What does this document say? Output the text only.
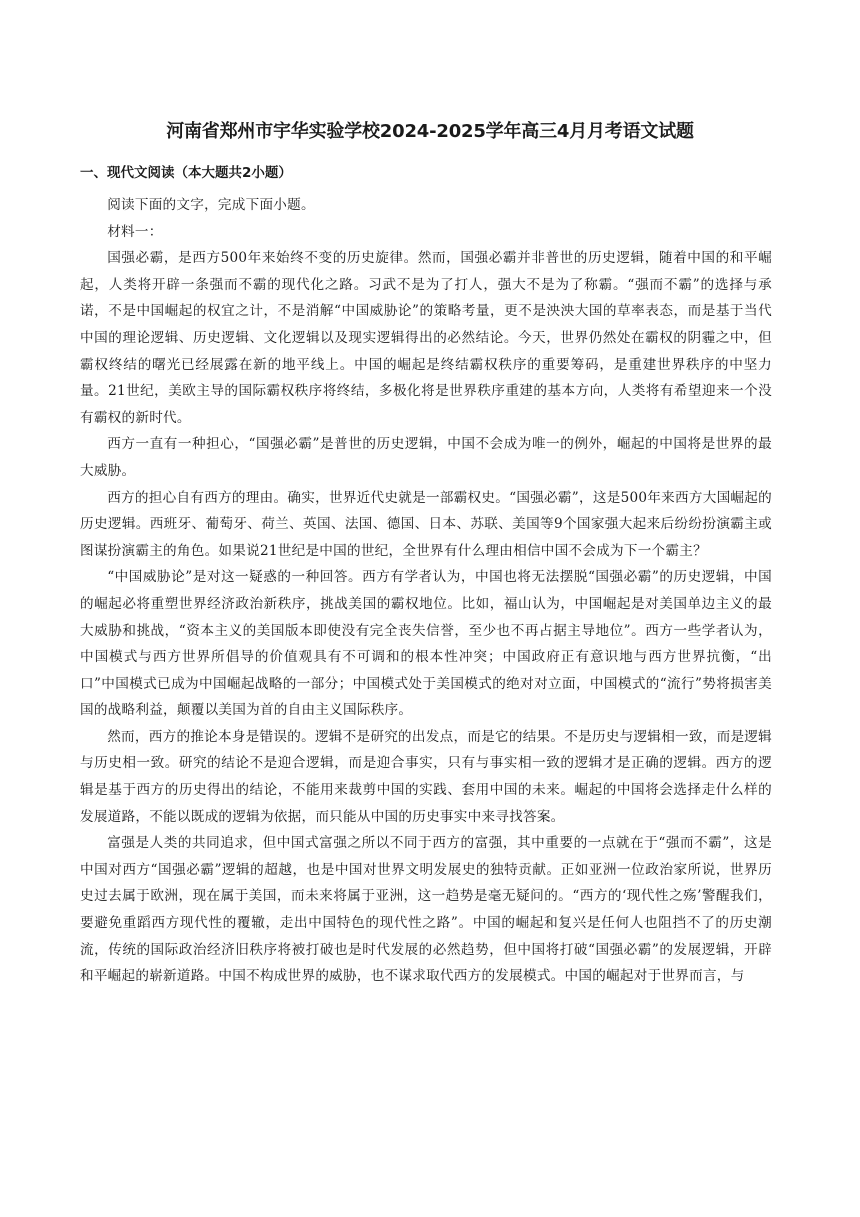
河南省郑州市宇华实验学校2024-2025学年高三4月月考语文试题
一、现代文阅读（本大题共2小题）

阅读下面的文字，完成下面小题。

材料一：

国强必霸，是西方500年来始终不变的历史旋律。然而，国强必霸并非普世的历史逻辑，随着中国的和平崛起，人类将开辟一条强而不霸的现代化之路。习武不是为了打人，强大不是为了称霸。“强而不霸”的选择与承诺，不是中国崛起的权宜之计，不是消解“中国威胁论”的策略考量，更不是泱泱大国的草率表态，而是基于当代中国的理论逻辑、历史逻辑、文化逻辑以及现实逻辑得出的必然结论。今天，世界仍然处在霸权的阴霾之中，但霸权终结的曙光已经展露在新的地平线上。中国的崛起是终结霸权秩序的重要筹码，是重建世界秩序的中坚力量。21世纪，美欧主导的国际霸权秩序将终结，多极化将是世界秩序重建的基本方向，人类将有希望迎来一个没有霸权的新时代。

西方一直有一种担心，“国强必霸”是普世的历史逻辑，中国不会成为唯一的例外，崛起的中国将是世界的最大威胁。

西方的担心自有西方的理由。确实，世界近代史就是一部霸权史。“国强必霸”，这是500年来西方大国崛起的历史逻辑。西班牙、葡萄牙、荷兰、英国、法国、德国、日本、苏联、美国等9个国家强大起来后纷纷扮演霸主或图谋扮演霸主的角色。如果说21世纪是中国的世纪，全世界有什么理由相信中国不会成为下一个霸主？

“中国威胁论”是对这一疑惑的一种回答。西方有学者认为，中国也将无法摆脱“国强必霸”的历史逻辑，中国的崛起必将重塑世界经济政治新秩序，挑战美国的霸权地位。比如，福山认为，中国崛起是对美国单边主义的最大威胁和挑战，“资本主义的美国版本即使没有完全丧失信誉，至少也不再占据主导地位”。西方一些学者认为，中国模式与西方世界所倡导的价值观具有不可调和的根本性冲突；中国政府正有意识地与西方世界抗衡，“出口”中国模式已成为中国崛起战略的一部分；中国模式处于美国模式的绝对对立面，中国模式的“流行”势将损害美国的战略利益，颠覆以美国为首的自由主义国际秩序。

然而，西方的推论本身是错误的。逻辑不是研究的出发点，而是它的结果。不是历史与逻辑相一致，而是逻辑与历史相一致。研究的结论不是迎合逻辑，而是迎合事实，只有与事实相一致的逻辑才是正确的逻辑。西方的逻辑是基于西方的历史得出的结论，不能用来裁剪中国的实践、套用中国的未来。崛起的中国将会选择走什么样的发展道路，不能以既成的逻辑为依据，而只能从中国的历史事实中来寻找答案。

富强是人类的共同追求，但中国式富强之所以不同于西方的富强，其中重要的一点就在于“强而不霸”，这是中国对西方“国强必霸”逻辑的超越，也是中国对世界文明发展史的独特贡献。正如亚洲一位政治家所说，世界历史过去属于欧洲，现在属于美国，而未来将属于亚洲，这一趋势是毫无疑问的。“西方的‘现代性之殇’警醒我们，要避免重蹈西方现代性的覆辙，走出中国特色的现代性之路”。中国的崛起和复兴是任何人也阻挡不了的历史潮流，传统的国际政治经济旧秩序将被打破也是时代发展的必然趋势，但中国将打破“国强必霸”的发展逻辑，开辟和平崛起的崭新道路。中国不构成世界的威胁，也不谋求取代西方的发展模式。中国的崛起对于世界而言，与
